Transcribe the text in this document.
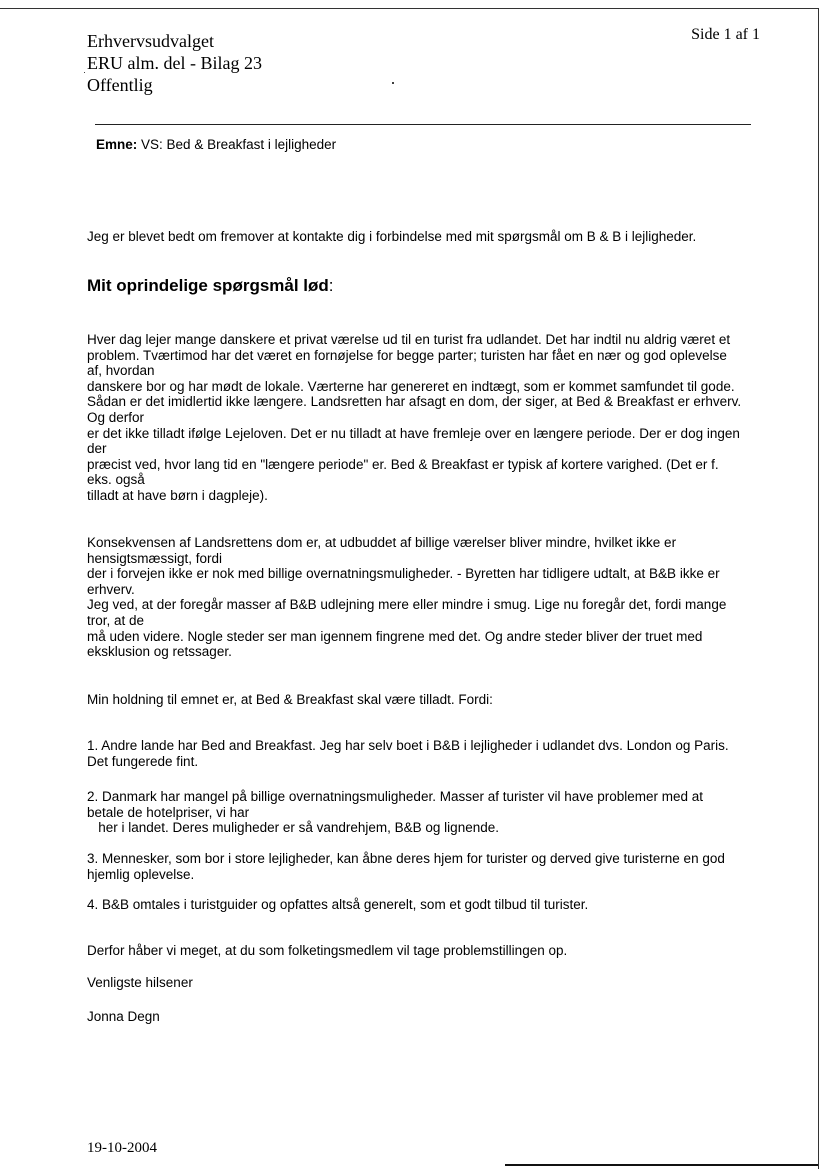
Erhvervsudvalget
ERU alm. del - Bilag 23
Offentlig
Side 1 af 1
Emne: VS: Bed & Breakfast i lejligheder
Jeg er blevet bedt om fremover at kontakte dig i forbindelse med mit spørgsmål om B & B i lejligheder.
Mit oprindelige spørgsmål lød:
Hver dag lejer mange danskere et privat værelse ud til en turist fra udlandet. Det har indtil nu aldrig været et
problem. Tværtimod har det været en fornøjelse for begge parter; turisten har fået en nær og god oplevelse
af, hvordan
danskere bor og har mødt de lokale. Værterne har genereret en indtægt, som er kommet samfundet til gode.
Sådan er det imidlertid ikke længere. Landsretten har afsagt en dom, der siger, at Bed & Breakfast er erhverv.
Og derfor
er det ikke tilladt ifølge Lejeloven. Det er nu tilladt at have fremleje over en længere periode. Der er dog ingen
der
præcist ved, hvor lang tid en "længere periode" er. Bed & Breakfast er typisk af kortere varighed. (Det er f.
eks. også
tilladt at have børn i dagpleje).
Konsekvensen af Landsrettens dom er, at udbuddet af billige værelser bliver mindre, hvilket ikke er
hensigtsmæssigt, fordi
der i forvejen ikke er nok med billige overnatningsmuligheder. - Byretten har tidligere udtalt, at B&B ikke er
erhverv.
Jeg ved, at der foregår masser af B&B udlejning mere eller mindre i smug. Lige nu foregår det, fordi mange
tror, at de
må uden videre. Nogle steder ser man igennem fingrene med det. Og andre steder bliver der truet med
eksklusion og retssager.
Min holdning til emnet er, at Bed & Breakfast skal være tilladt. Fordi:
1. Andre lande har Bed and Breakfast. Jeg har selv boet i B&B i lejligheder i udlandet dvs. London og Paris.
Det fungerede fint.
2. Danmark har mangel på billige overnatningsmuligheder. Masser af turister vil have problemer med at
betale de hotelpriser, vi har
her i landet. Deres muligheder er så vandrehjem, B&B og lignende.
3. Mennesker, som bor i store lejligheder, kan åbne deres hjem for turister og derved give turisterne en god
hjemlig oplevelse.
4. B&B omtales i turistguider og opfattes altså generelt, som et godt tilbud til turister.
Derfor håber vi meget, at du som folketingsmedlem vil tage problemstillingen op.
Venligste hilsener
Jonna Degn
19-10-2004
